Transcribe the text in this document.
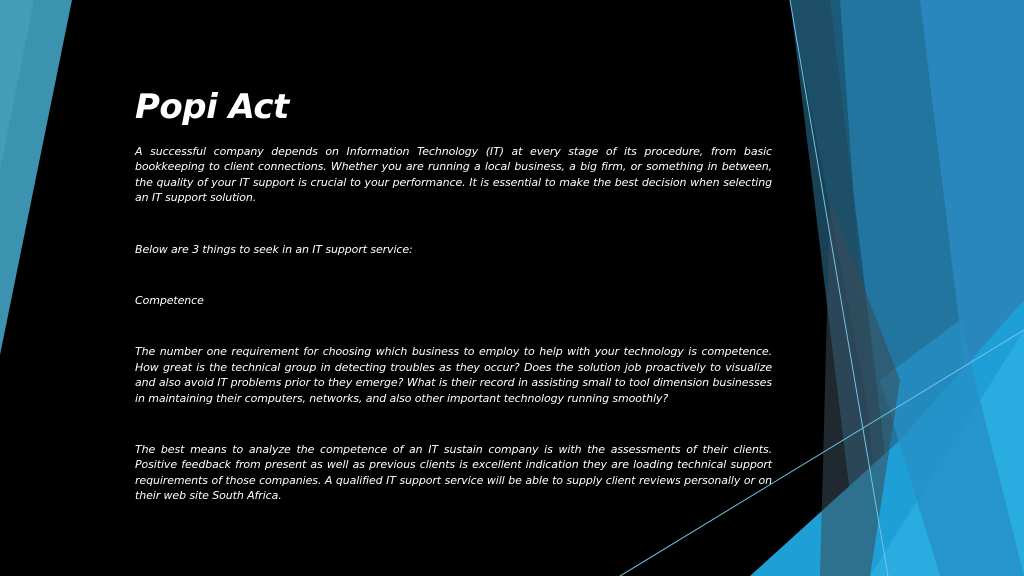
Popi Act

A successful company depends on Information Technology (IT) at every stage of its procedure, from basic bookkeeping to client connections. Whether you are running a local business, a big firm, or something in between, the quality of your IT support is crucial to your performance. It is essential to make the best decision when selecting an IT support solution.

Below are 3 things to seek in an IT support service:

Competence

The number one requirement for choosing which business to employ to help with your technology is competence. How great is the technical group in detecting troubles as they occur? Does the solution job proactively to visualize and also avoid IT problems prior to they emerge? What is their record in assisting small to tool dimension businesses in maintaining their computers, networks, and also other important technology running smoothly?

The best means to analyze the competence of an IT sustain company is with the assessments of their clients. Positive feedback from present as well as previous clients is excellent indication they are loading technical support requirements of those companies. A qualified IT support service will be able to supply client reviews personally or on their web site South Africa.
